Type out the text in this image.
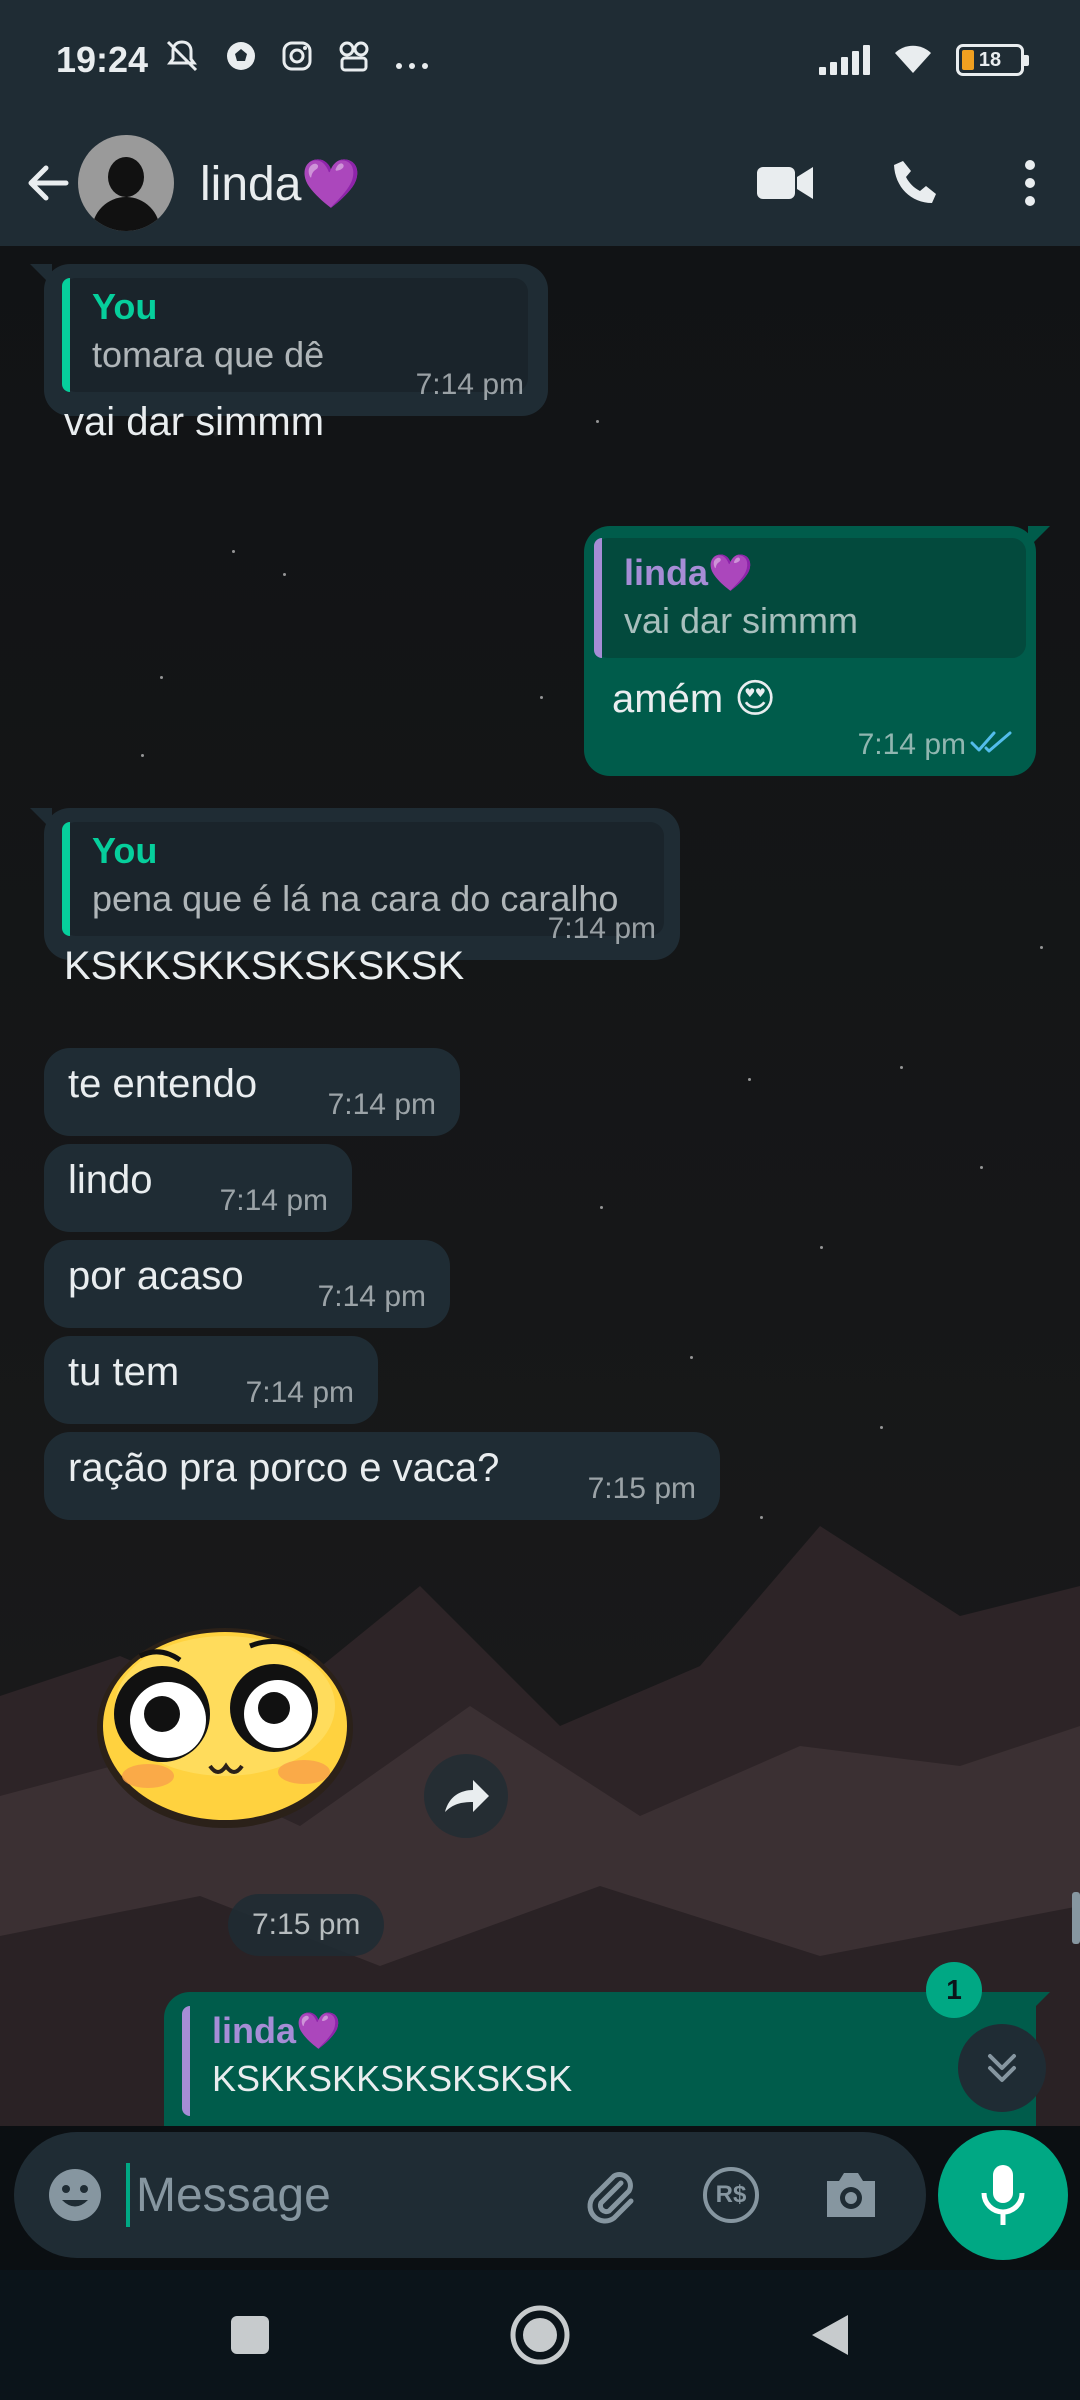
19:24	18
linda💜
You
tomara que dê
vai dar simmm
7:14 pm
linda💜
vai dar simmm
amém 😍
7:14 pm
You
pena que é lá na cara do caralho
KSKKSKKSKSKSKSK
7:14 pm
te entendo	7:14 pm
lindo	7:14 pm
por acaso	7:14 pm
tu tem	7:14 pm
ração pra porco e vaca?	7:15 pm
7:15 pm
linda💜
KSKKSKKSKSKSKSK
1
Message
R$
